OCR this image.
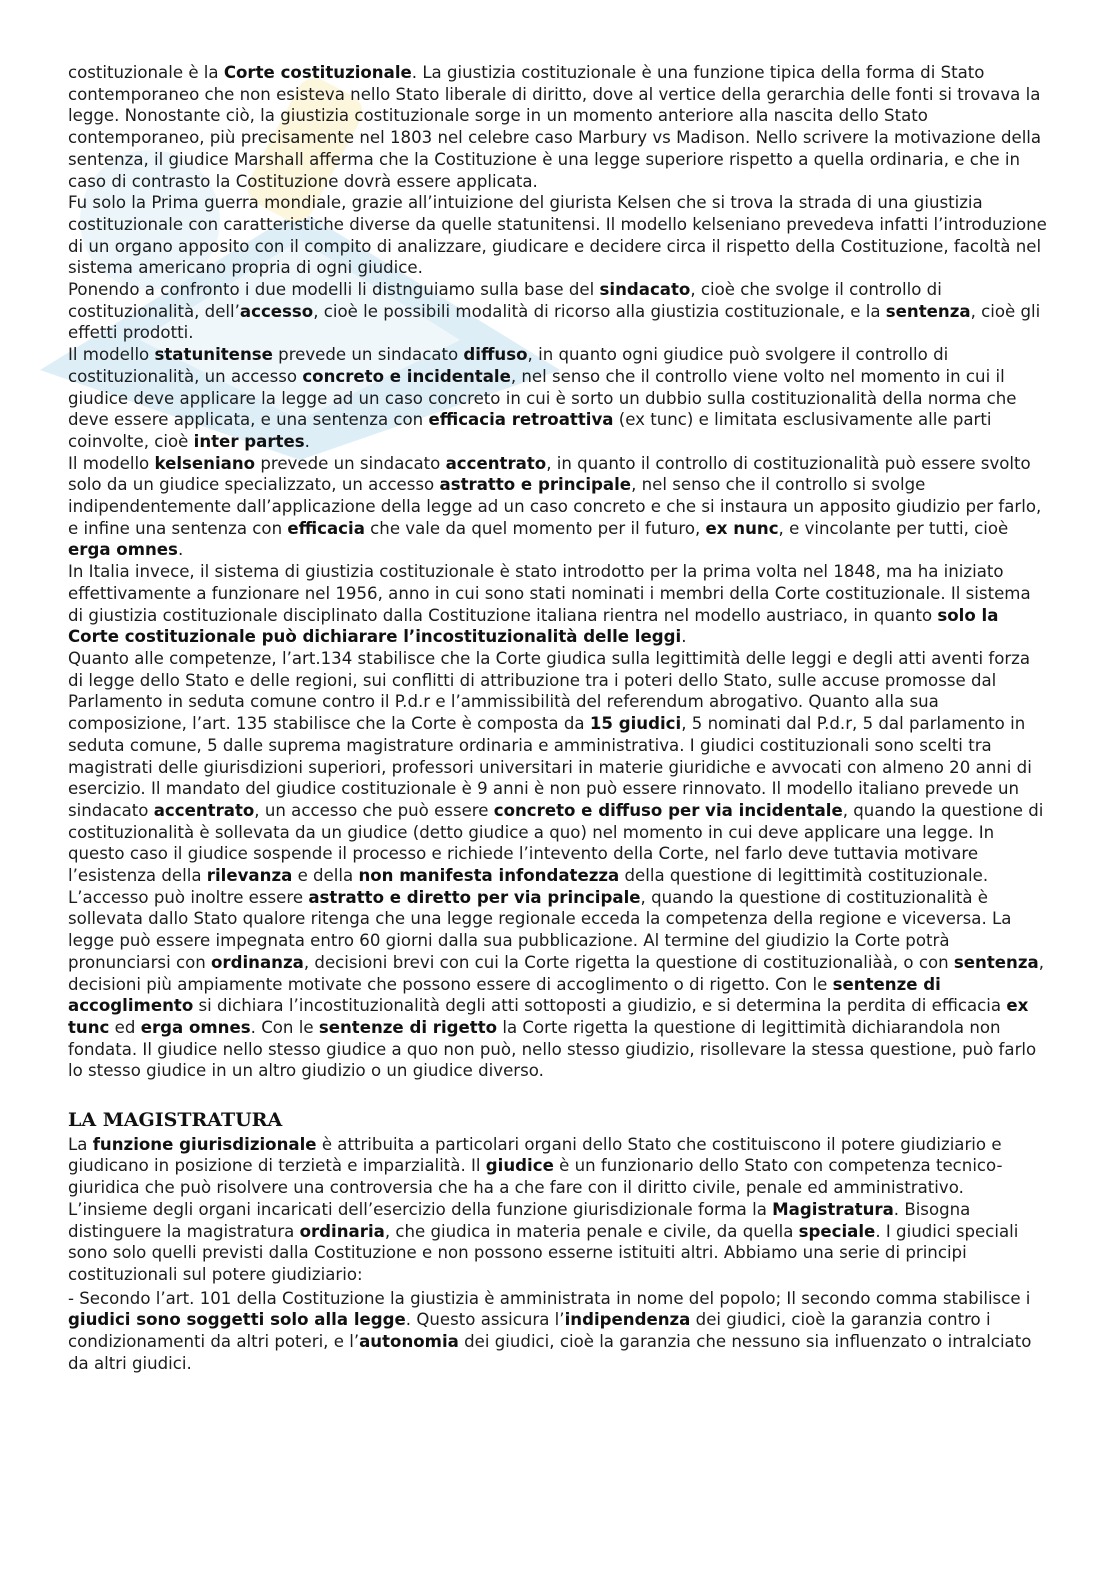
costituzionale è la Corte costituzionale. La giustizia costituzionale è una funzione tipica della forma di Stato contemporaneo che non esisteva nello Stato liberale di diritto, dove al vertice della gerarchia delle fonti si trovava la legge. Nonostante ciò, la giustizia costituzionale sorge in un momento anteriore alla nascita dello Stato contemporaneo, più precisamente nel 1803 nel celebre caso Marbury vs Madison. Nello scrivere la motivazione della sentenza, il giudice Marshall afferma che la Costituzione è una legge superiore rispetto a quella ordinaria, e che in caso di contrasto la Costituzione dovrà essere applicata.

Fu solo la Prima guerra mondiale, grazie all’intuizione del giurista Kelsen che si trova la strada di una giustizia costituzionale con caratteristiche diverse da quelle statunitensi. Il modello kelseniano prevedeva infatti l’introduzione di un organo apposito con il compito di analizzare, giudicare e decidere circa il rispetto della Costituzione, facoltà nel sistema americano propria di ogni giudice.

Ponendo a confronto i due modelli li distnguiamo sulla base del sindacato, cioè che svolge il controllo di costituzionalità, dell’accesso, cioè le possibili modalità di ricorso alla giustizia costituzionale, e la sentenza, cioè gli effetti prodotti.

Il modello statunitense prevede un sindacato diffuso, in quanto ogni giudice può svolgere il controllo di costituzionalità, un accesso concreto e incidentale, nel senso che il controllo viene volto nel momento in cui il giudice deve applicare la legge ad un caso concreto in cui è sorto un dubbio sulla costituzionalità della norma che deve essere applicata, e una sentenza con efficacia retroattiva (ex tunc) e limitata esclusivamente alle parti coinvolte, cioè inter partes.

Il modello kelseniano prevede un sindacato accentrato, in quanto il controllo di costituzionalità può essere svolto solo da un giudice specializzato, un accesso astratto e principale, nel senso che il controllo si svolge indipendentemente dall’applicazione della legge ad un caso concreto e che si instaura un apposito giudizio per farlo, e infine una sentenza con efficacia che vale da quel momento per il futuro, ex nunc, e vincolante per tutti, cioè erga omnes.

In Italia invece, il sistema di giustizia costituzionale è stato introdotto per la prima volta nel 1848, ma ha iniziato effettivamente a funzionare nel 1956, anno in cui sono stati nominati i membri della Corte costituzionale. Il sistema di giustizia costituzionale disciplinato dalla Costituzione italiana rientra nel modello austriaco, in quanto solo la Corte costituzionale può dichiarare l’incostituzionalità delle leggi.

Quanto alle competenze, l’art.134 stabilisce che la Corte giudica sulla legittimità delle leggi e degli atti aventi forza di legge dello Stato e delle regioni, sui conflitti di attribuzione tra i poteri dello Stato, sulle accuse promosse dal Parlamento in seduta comune contro il P.d.r e l’ammissibilità del referendum abrogativo. Quanto alla sua composizione, l’art. 135 stabilisce che la Corte è composta da 15 giudici, 5 nominati dal P.d.r, 5 dal parlamento in seduta comune, 5 dalle suprema magistrature ordinaria e amministrativa. I giudici costituzionali sono scelti tra magistrati delle giurisdizioni superiori, professori universitari in materie giuridiche e avvocati con almeno 20 anni di esercizio. Il mandato del giudice costituzionale è 9 anni è non può essere rinnovato. Il modello italiano prevede un sindacato accentrato, un accesso che può essere concreto e diffuso per via incidentale, quando la questione di costituzionalità è sollevata da un giudice (detto giudice a quo) nel momento in cui deve applicare una legge. In questo caso il giudice sospende il processo e richiede l’intevento della Corte, nel farlo deve tuttavia motivare l’esistenza della rilevanza e della non manifesta infondatezza della questione di legittimità costituzionale. L’accesso può inoltre essere astratto e diretto per via principale, quando la questione di costituzionalità è sollevata dallo Stato qualore ritenga che una legge regionale ecceda la competenza della regione e viceversa. La legge può essere impegnata entro 60 giorni dalla sua pubblicazione. Al termine del giudizio la Corte potrà pronunciarsi con ordinanza, decisioni brevi con cui la Corte rigetta la questione di costituzionaliàà, o con sentenza, decisioni più ampiamente motivate che possono essere di accoglimento o di rigetto. Con le sentenze di accoglimento si dichiara l’incostituzionalità degli atti sottoposti a giudizio, e si determina la perdita di efficacia ex tunc ed erga omnes. Con le sentenze di rigetto la Corte rigetta la questione di legittimità dichiarandola non fondata. Il giudice nello stesso giudice a quo non può, nello stesso giudizio, risollevare la stessa questione, può farlo lo stesso giudice in un altro giudizio o un giudice diverso.

LA MAGISTRATURA

La funzione giurisdizionale è attribuita a particolari organi dello Stato che costituiscono il potere giudiziario e giudicano in posizione di terzietà e imparzialità. Il giudice è un funzionario dello Stato con competenza tecnico-giuridica che può risolvere una controversia che ha a che fare con il diritto civile, penale ed amministrativo. L’insieme degli organi incaricati dell’esercizio della funzione giurisdizionale forma la Magistratura. Bisogna distinguere la magistratura ordinaria, che giudica in materia penale e civile, da quella speciale. I giudici speciali sono solo quelli previsti dalla Costituzione e non possono esserne istituiti altri. Abbiamo una serie di principi costituzionali sul potere giudiziario:

- Secondo l’art. 101 della Costituzione la giustizia è amministrata in nome del popolo; Il secondo comma stabilisce i giudici sono soggetti solo alla legge. Questo assicura l’indipendenza dei giudici, cioè la garanzia contro i condizionamenti da altri poteri, e l’autonomia dei giudici, cioè la garanzia che nessuno sia influenzato o intralciato da altri giudici.
